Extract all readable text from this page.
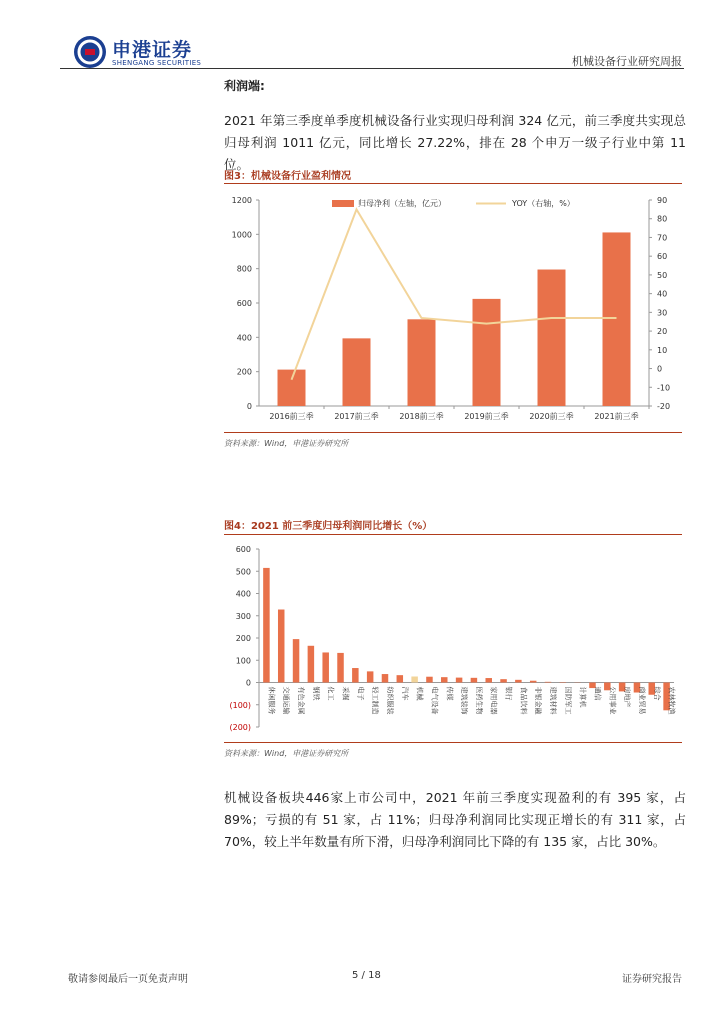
申港证券
SHENGANG SECURITIES	机械设备行业研究周报
利润端:
2021 年第三季度单季度机械设备行业实现归母利润 324 亿元，前三季度共实现总归母利润 1011 亿元，同比增长 27.22%，排在 28 个申万一级子行业中第 11 位。
图3：机械设备行业盈利情况
0
200
400
600
800
1000
1200
-20
-10
0
10
20
30
40
50
60
70
80
90
2016前三季	2017前三季	2018前三季	2019前三季	2020前三季	2021前三季
归母净利（左轴，亿元）	YOY（右轴，%）
资料来源：Wind，申港证券研究所
图4：2021 前三季度归母利润同比增长（%）
(200)
(100)
0
100
200
300
400
500
600
休闲服务 交通运输 有色金属 钢铁 化工 采掘 电子 轻工制造 纺织服装 汽车 机械 电气设备 传媒 建筑装饰 医药生物 家用电器 银行 食品饮料 非银金融 建筑材料 国防军工 计算机 通信 公用事业 房地产 商业贸易 综合 农林牧渔
资料来源：Wind，申港证券研究所
机械设备板块446家上市公司中，2021 年前三季度实现盈利的有 395 家，占 89%；亏损的有 51 家，占 11%；归母净利润同比实现正增长的有 311 家，占 70%，较上半年数量有所下滑，归母净利润同比下降的有 135 家，占比 30%。
敬请参阅最后一页免责声明	5 / 18	证券研究报告
